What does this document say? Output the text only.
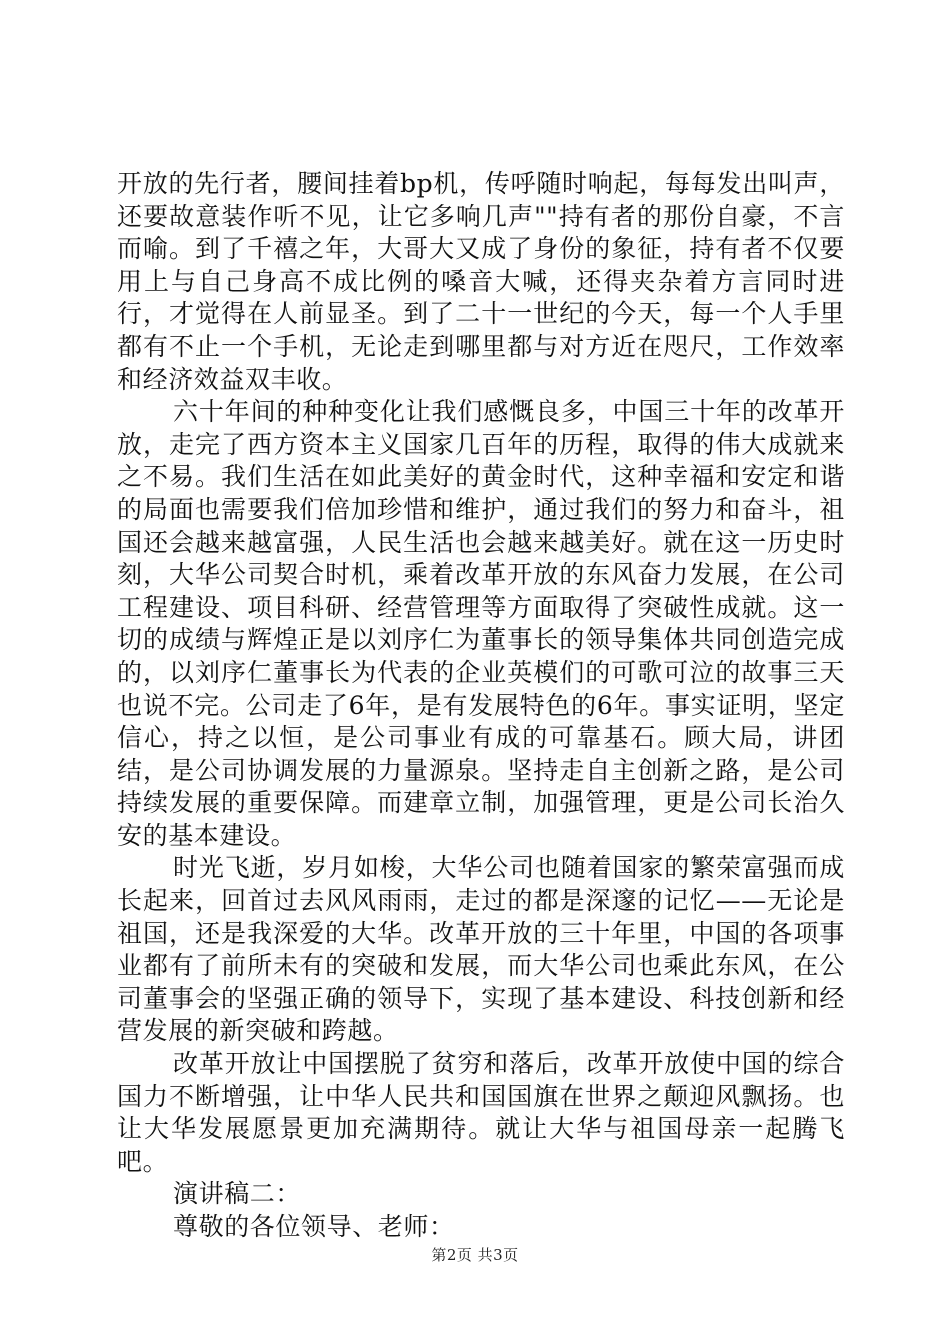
开放的先行者，腰间挂着bp机，传呼随时响起，每每发出叫声，还要故意装作听不见，让它多响几声""持有者的那份自豪，不言而喻。到了千禧之年，大哥大又成了身份的象征，持有者不仅要用上与自己身高不成比例的嗓音大喊，还得夹杂着方言同时进行，才觉得在人前显圣。到了二十一世纪的今天，每一个人手里都有不止一个手机，无论走到哪里都与对方近在咫尺，工作效率和经济效益双丰收。

六十年间的种种变化让我们感慨良多，中国三十年的改革开放，走完了西方资本主义国家几百年的历程，取得的伟大成就来之不易。我们生活在如此美好的黄金时代，这种幸福和安定和谐的局面也需要我们倍加珍惜和维护，通过我们的努力和奋斗，祖国还会越来越富强，人民生活也会越来越美好。就在这一历史时刻，大华公司契合时机，乘着改革开放的东风奋力发展，在公司工程建设、项目科研、经营管理等方面取得了突破性成就。这一切的成绩与辉煌正是以刘序仁为董事长的领导集体共同创造完成的，以刘序仁董事长为代表的企业英模们的可歌可泣的故事三天也说不完。公司走了6年，是有发展特色的6年。事实证明，坚定信心，持之以恒，是公司事业有成的可靠基石。顾大局，讲团结，是公司协调发展的力量源泉。坚持走自主创新之路，是公司持续发展的重要保障。而建章立制，加强管理，更是公司长治久安的基本建设。

时光飞逝，岁月如梭，大华公司也随着国家的繁荣富强而成长起来，回首过去风风雨雨，走过的都是深邃的记忆——无论是祖国，还是我深爱的大华。改革开放的三十年里，中国的各项事业都有了前所未有的突破和发展，而大华公司也乘此东风，在公司董事会的坚强正确的领导下，实现了基本建设、科技创新和经营发展的新突破和跨越。

改革开放让中国摆脱了贫穷和落后，改革开放使中国的综合国力不断增强，让中华人民共和国国旗在世界之颠迎风飘扬。也让大华发展愿景更加充满期待。就让大华与祖国母亲一起腾飞吧。

演讲稿二：

尊敬的各位领导、老师：

第2页 共3页
